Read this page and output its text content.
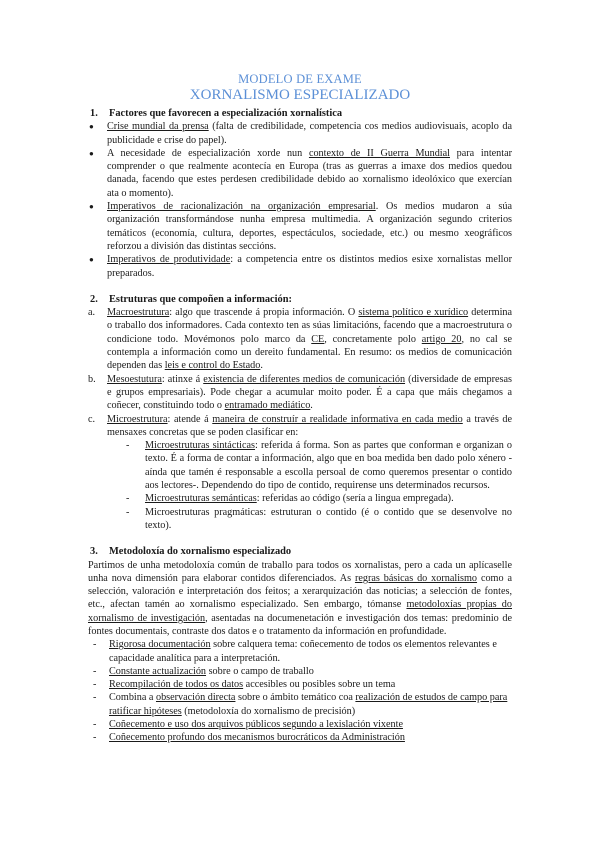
MODELO DE EXAME
XORNALISMO ESPECIALIZADO
1.	Factores que favorecen a especialización xornalística
● Crise mundial da prensa (falta de credibilidade, competencia cos medios audiovisuais, acoplo da publicidade e crise do papel).
● A necesidade de especialización xorde nun contexto de II Guerra Mundial para intentar comprender o que realmente acontecía en Europa (tras as guerras a imaxe dos medios quedou danada, facendo que estes perdesen credibilidade debido ao xornalismo ideolóxico que exercían ata o momento).
● Imperativos de racionalización na organización empresarial. Os medios mudaron a súa organización transformándose nunha empresa multimedia. A organización segundo criterios temáticos (economía, cultura, deportes, espectáculos, sociedade, etc.) ou mesmo xeográficos reforzou a división das distintas seccións.
● Imperativos de produtividade: a competencia entre os distintos medios esixe xornalistas mellor preparados.
2.	Estruturas que compoñen a información:
a. Macroestrutura: algo que trascende á propia información. O sistema político e xurídico determina o traballo dos informadores. Cada contexto ten as súas limitacións, facendo que a macroestrutura o condicione todo. Movémonos polo marco da CE, concretamente polo artigo 20, no cal se contempla a información como un dereito fundamental. En resumo: os medios de comunicación dependen das leis e control do Estado.
b. Mesoestutura: atinxe á existencia de diferentes medios de comunicación (diversidade de empresas e grupos empresariais). Pode chegar a acumular moito poder. É a capa que máis chegamos a coñecer, constituindo todo o entramado mediático.
c. Microestrutura: atende á maneira de construír a realidade informativa en cada medio a través de mensaxes concretas que se poden clasificar en:
- Microestruturas sintácticas: referida á forma. Son as partes que conforman e organizan o texto. É a forma de contar a información, algo que en boa medida ben dado polo xénero - aínda que tamén é responsable a escolla persoal de como queremos presentar o contido aos lectores-. Dependendo do tipo de contido, requirense uns determinados recursos.
- Microestruturas semánticas: referidas ao código (sería a lingua empregada).
- Microestruturas pragmáticas: estruturan o contido (é o contido que se desenvolve no texto).
3.	Metodoloxía do xornalismo especializado

Partimos de unha metodoloxía común de traballo para todos os xornalistas, pero a cada un aplícaselle unha nova dimensión para elaborar contidos diferenciados. As regras básicas do xornalismo como a selección, valoración e interpretación dos feitos; a xerarquización das noticias; a selección de fontes, etc., afectan tamén ao xornalismo especializado. Sen embargo, tómanse metodoloxías propias do xornalismo de investigación, asentadas na documenetación e investigación dos temas: predominio de fontes documentais, contraste dos datos e o tratamento da información en profundidade.

- Rigorosa documentación sobre calquera tema: coñecemento de todos os elementos relevantes e capacidade analítica para a interpretación.
- Constante actualización sobre o campo de traballo
- Recompilación de todos os datos accesibles ou posibles sobre un tema
- Combina a observación directa sobre o ámbito temático coa realización de estudos de campo para ratificar hipóteses (metodoloxía do xornalismo de precisión)
- Coñecemento e uso dos arquivos públicos segundo a lexislación vixente
- Coñecemento profundo dos mecanismos burocráticos da Administración
